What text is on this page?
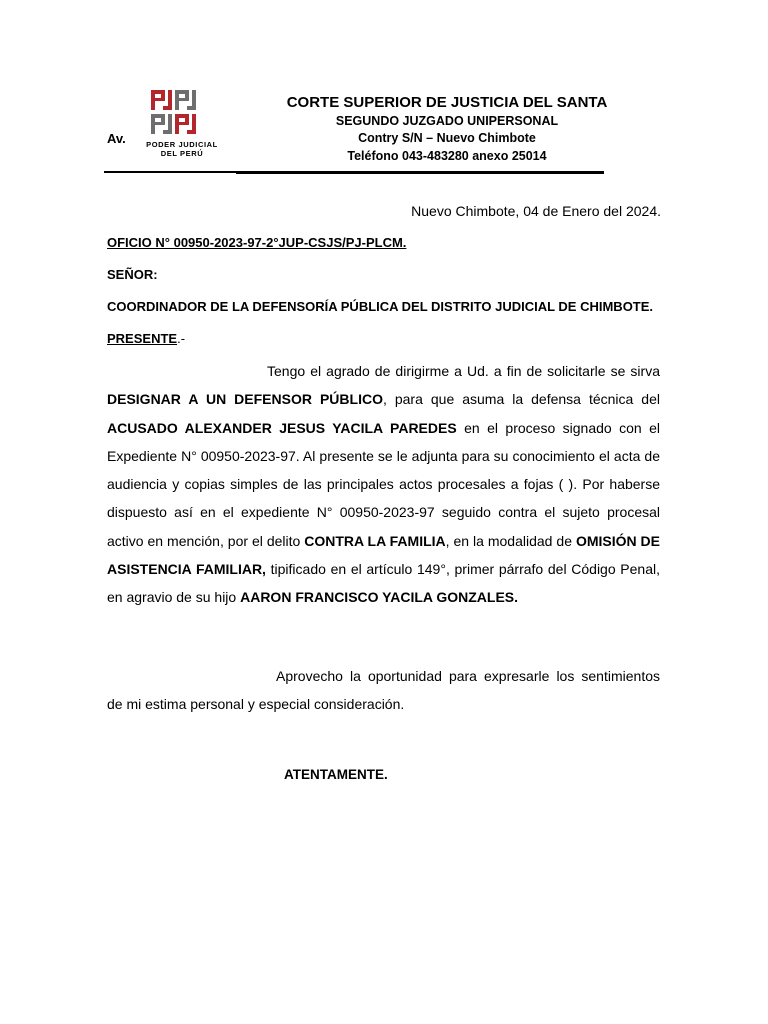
PODER JUDICIAL
DEL PERÚ
Av.
CORTE SUPERIOR DE JUSTICIA DEL SANTA
SEGUNDO JUZGADO UNIPERSONAL
Contry S/N – Nuevo Chimbote
Teléfono 043-483280 anexo 25014
Nuevo Chimbote, 04 de Enero del 2024.
OFICIO N° 00950-2023-97-2°JUP-CSJS/PJ-PLCM.
SEÑOR:
COORDINADOR DE LA DEFENSORÍA PÚBLICA DEL DISTRITO JUDICIAL DE CHIMBOTE.
PRESENTE.-
Tengo el agrado de dirigirme a Ud. a fin de solicitarle se sirva DESIGNAR A UN DEFENSOR PÚBLICO, para que asuma la defensa técnica del ACUSADO ALEXANDER JESUS YACILA PAREDES en el proceso signado con el Expediente N° 00950-2023-97. Al presente se le adjunta para su conocimiento el acta de audiencia y copias simples de las principales actos procesales a fojas ( ). Por haberse dispuesto así en el expediente N° 00950-2023-97 seguido contra el sujeto procesal activo en mención, por el delito CONTRA LA FAMILIA, en la modalidad de OMISIÓN DE ASISTENCIA FAMILIAR, tipificado en el artículo 149°, primer párrafo del Código Penal, en agravio de su hijo AARON FRANCISCO YACILA GONZALES.
Aprovecho la oportunidad para expresarle los sentimientos de mi estima personal y especial consideración.
ATENTAMENTE.
